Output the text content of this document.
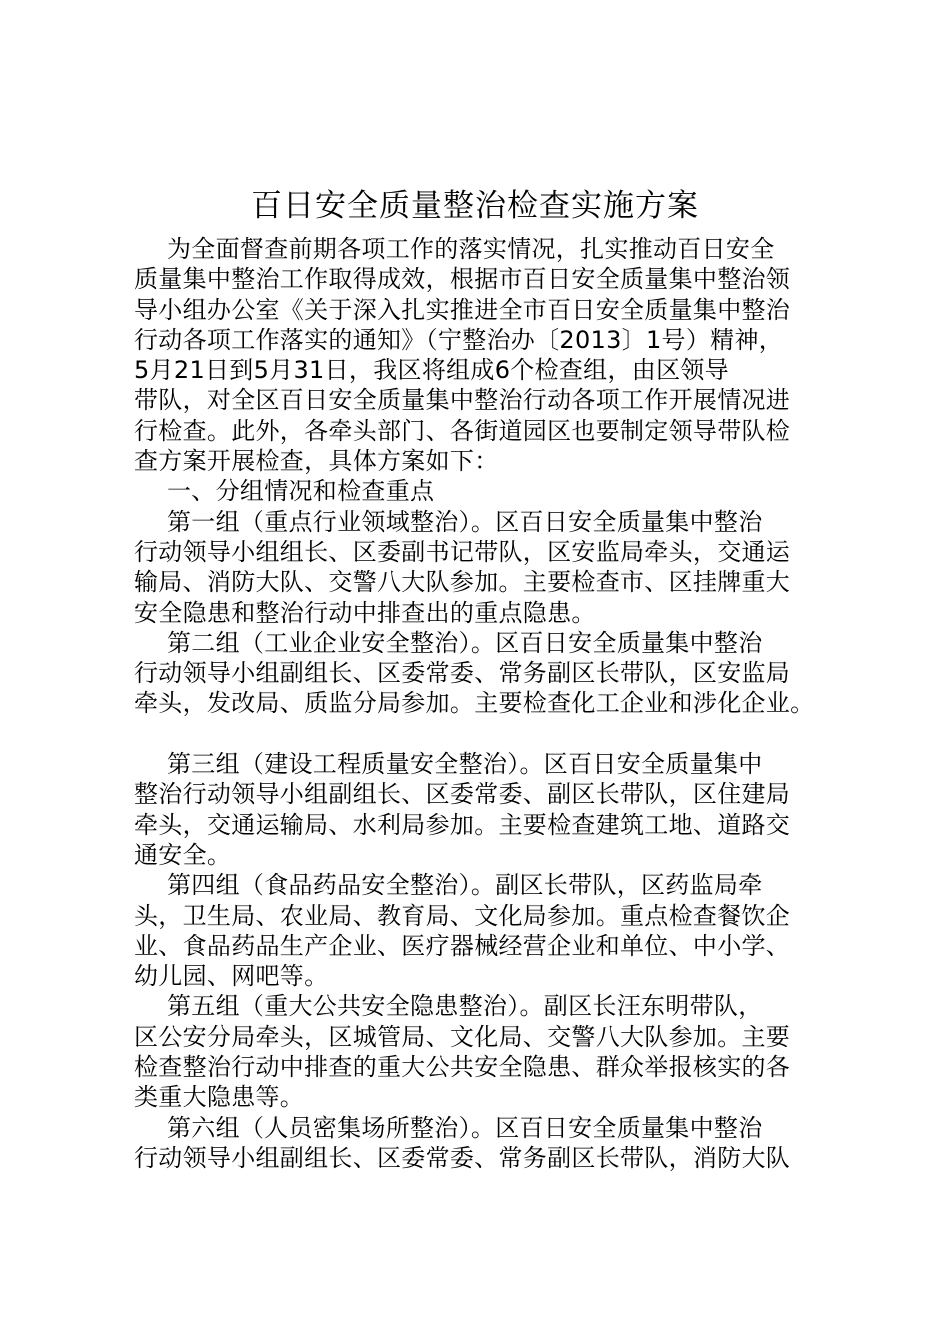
百日安全质量整治检查实施方案
为全面督查前期各项工作的落实情况，扎实推动百日安全
质量集中整治工作取得成效，根据市百日安全质量集中整治领
导小组办公室《关于深入扎实推进全市百日安全质量集中整治
行动各项工作落实的通知》（宁整治办〔2013〕1号）精神，
5月21日到5月31日，我区将组成6个检查组，由区领导
带队，对全区百日安全质量集中整治行动各项工作开展情况进
行检查。此外，各牵头部门、各街道园区也要制定领导带队检
查方案开展检查，具体方案如下：
一、分组情况和检查重点
第一组（重点行业领域整治）。区百日安全质量集中整治
行动领导小组组长、区委副书记带队，区安监局牵头，交通运
输局、消防大队、交警八大队参加。主要检查市、区挂牌重大
安全隐患和整治行动中排查出的重点隐患。
第二组（工业企业安全整治）。区百日安全质量集中整治
行动领导小组副组长、区委常委、常务副区长带队，区安监局
牵头，发改局、质监分局参加。主要检查化工企业和涉化企业。
第三组（建设工程质量安全整治）。区百日安全质量集中
整治行动领导小组副组长、区委常委、副区长带队，区住建局
牵头，交通运输局、水利局参加。主要检查建筑工地、道路交
通安全。
第四组（食品药品安全整治）。副区长带队，区药监局牵
头，卫生局、农业局、教育局、文化局参加。重点检查餐饮企
业、食品药品生产企业、医疗器械经营企业和单位、中小学、
幼儿园、网吧等。
第五组（重大公共安全隐患整治）。副区长汪东明带队，
区公安分局牵头，区城管局、文化局、交警八大队参加。主要
检查整治行动中排查的重大公共安全隐患、群众举报核实的各
类重大隐患等。
第六组（人员密集场所整治）。区百日安全质量集中整治
行动领导小组副组长、区委常委、常务副区长带队，消防大队
